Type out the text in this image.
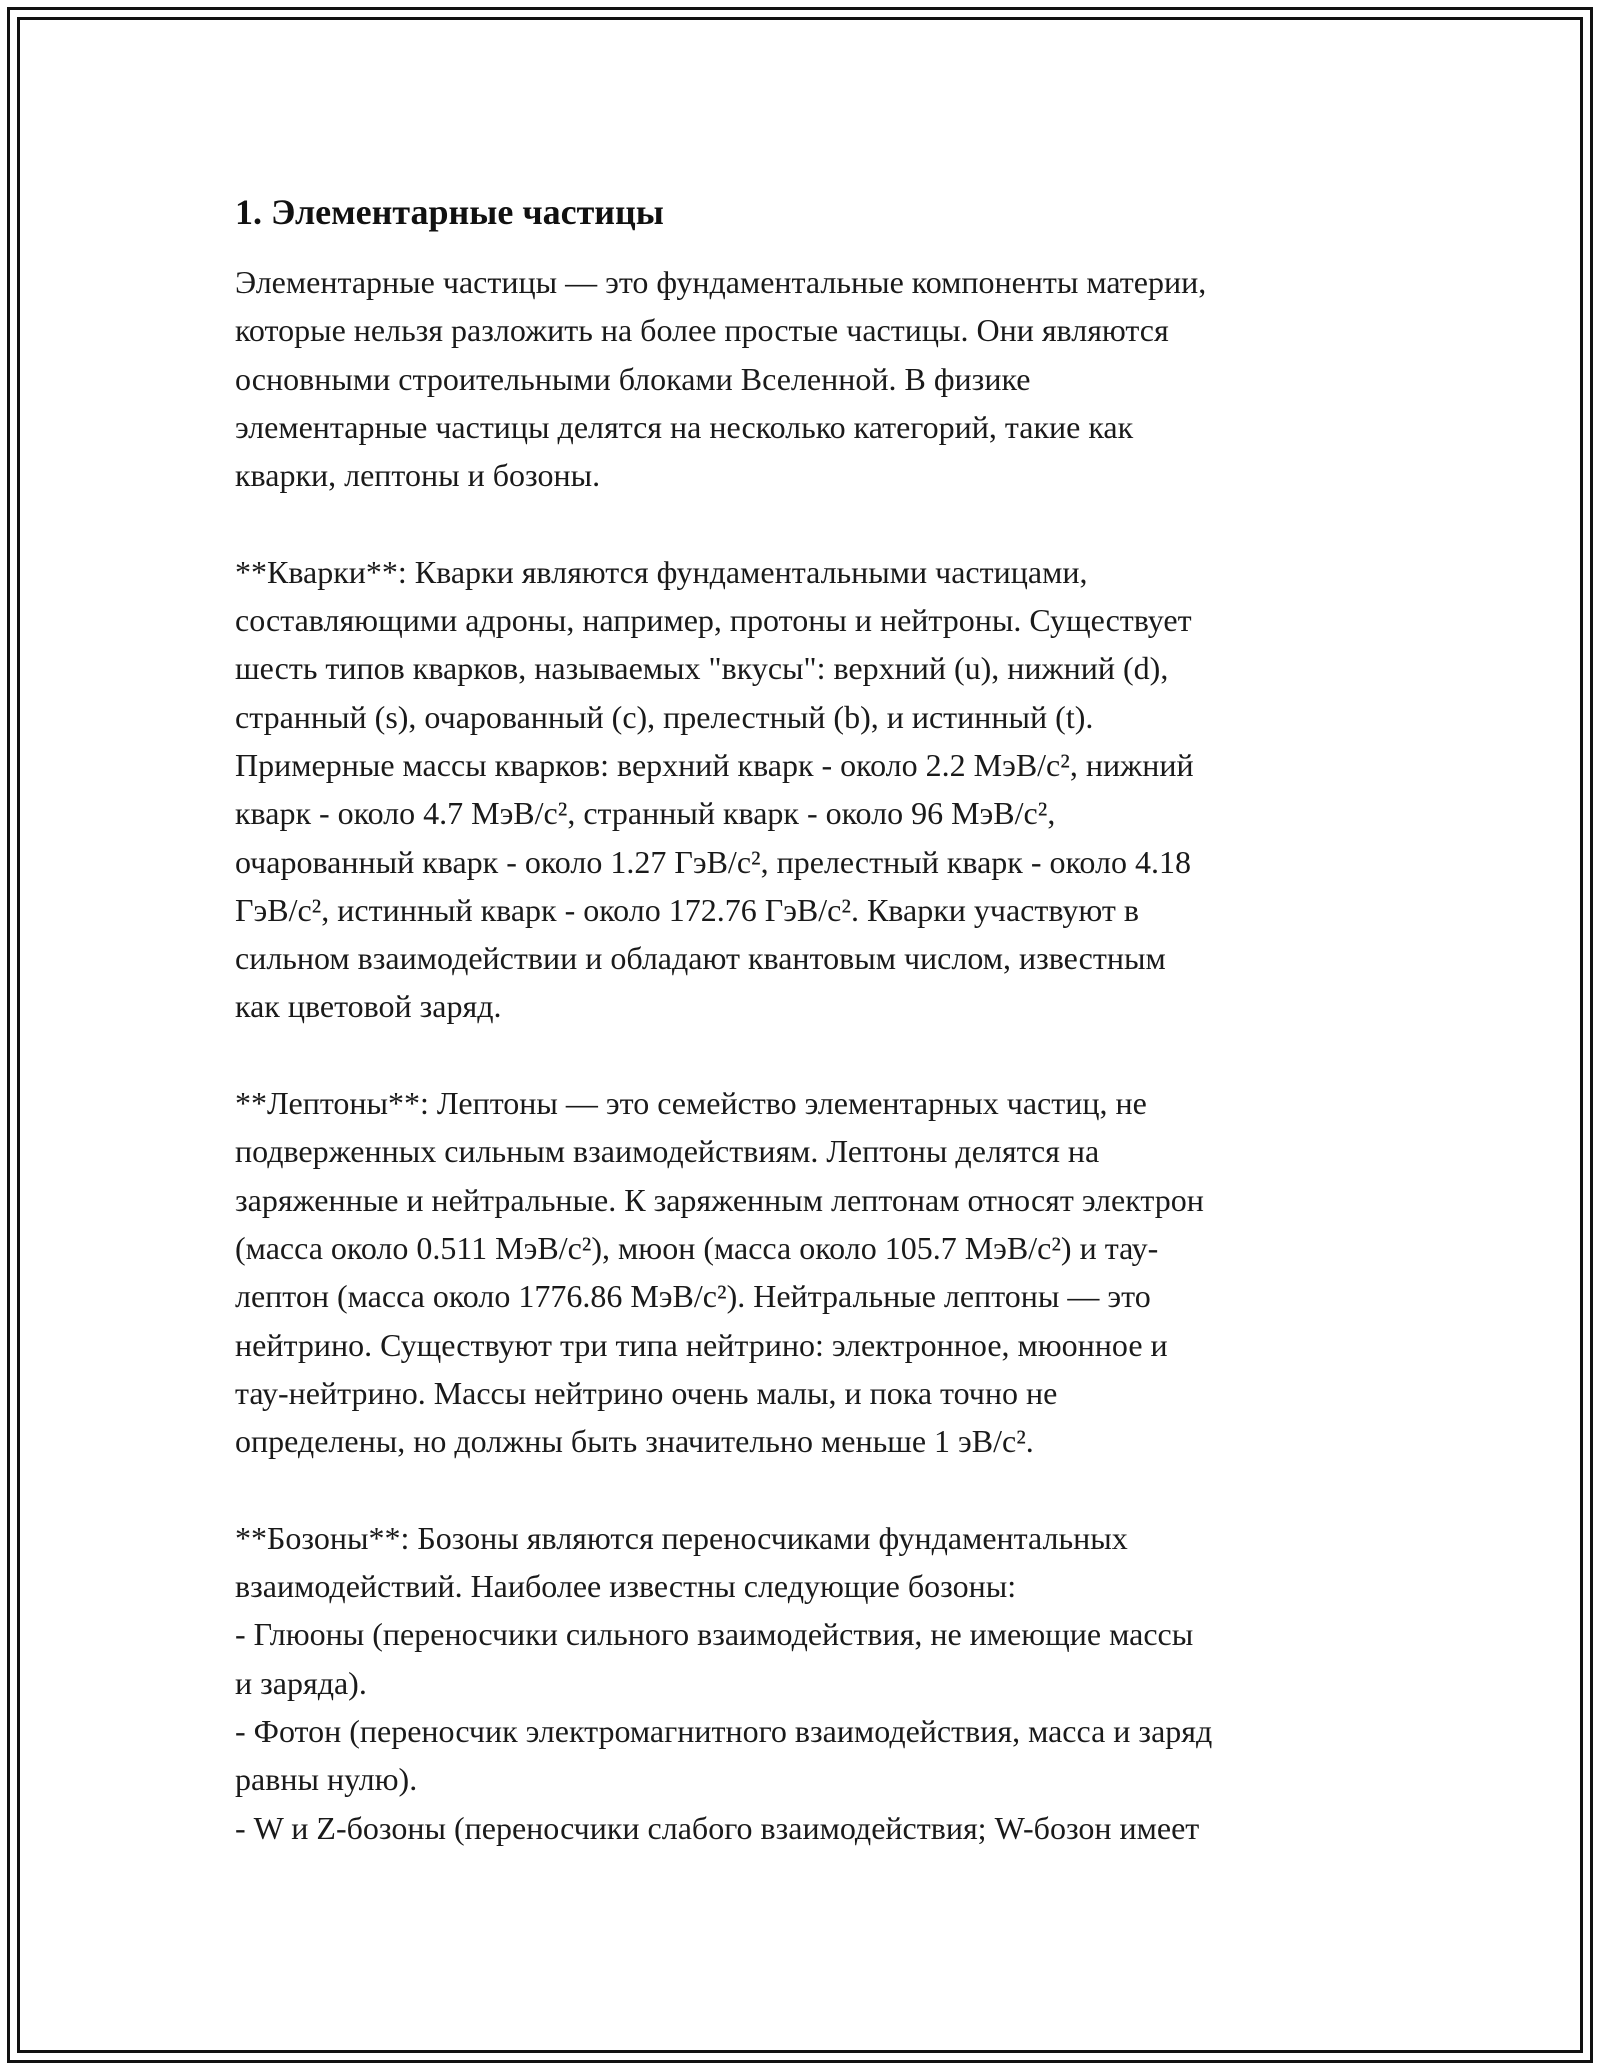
1. Элементарные частицы

Элементарные частицы — это фундаментальные компоненты материи,
которые нельзя разложить на более простые частицы. Они являются
основными строительными блоками Вселенной. В физике
элементарные частицы делятся на несколько категорий, такие как
кварки, лептоны и бозоны.

**Кварки**: Кварки являются фундаментальными частицами,
составляющими адроны, например, протоны и нейтроны. Существует
шесть типов кварков, называемых "вкусы": верхний (u), нижний (d),
странный (s), очарованный (c), прелестный (b), и истинный (t).
Примерные массы кварков: верхний кварк - около 2.2 МэВ/c², нижний
кварк - около 4.7 МэВ/c², странный кварк - около 96 МэВ/c²,
очарованный кварк - около 1.27 ГэВ/c², прелестный кварк - около 4.18
ГэВ/c², истинный кварк - около 172.76 ГэВ/c². Кварки участвуют в
сильном взаимодействии и обладают квантовым числом, известным
как цветовой заряд.

**Лептоны**: Лептоны — это семейство элементарных частиц, не
подверженных сильным взаимодействиям. Лептоны делятся на
заряженные и нейтральные. К заряженным лептонам относят электрон
(масса около 0.511 МэВ/c²), мюон (масса около 105.7 МэВ/c²) и тау-
лептон (масса около 1776.86 МэВ/c²). Нейтральные лептоны — это
нейтрино. Существуют три типа нейтрино: электронное, мюонное и
тау-нейтрино. Массы нейтрино очень малы, и пока точно не
определены, но должны быть значительно меньше 1 эВ/c².

**Бозоны**: Бозоны являются переносчиками фундаментальных
взаимодействий. Наиболее известны следующие бозоны:
- Глюоны (переносчики сильного взаимодействия, не имеющие массы
и заряда).
- Фотон (переносчик электромагнитного взаимодействия, масса и заряд
равны нулю).
- W и Z-бозоны (переносчики слабого взаимодействия; W-бозон имеет
